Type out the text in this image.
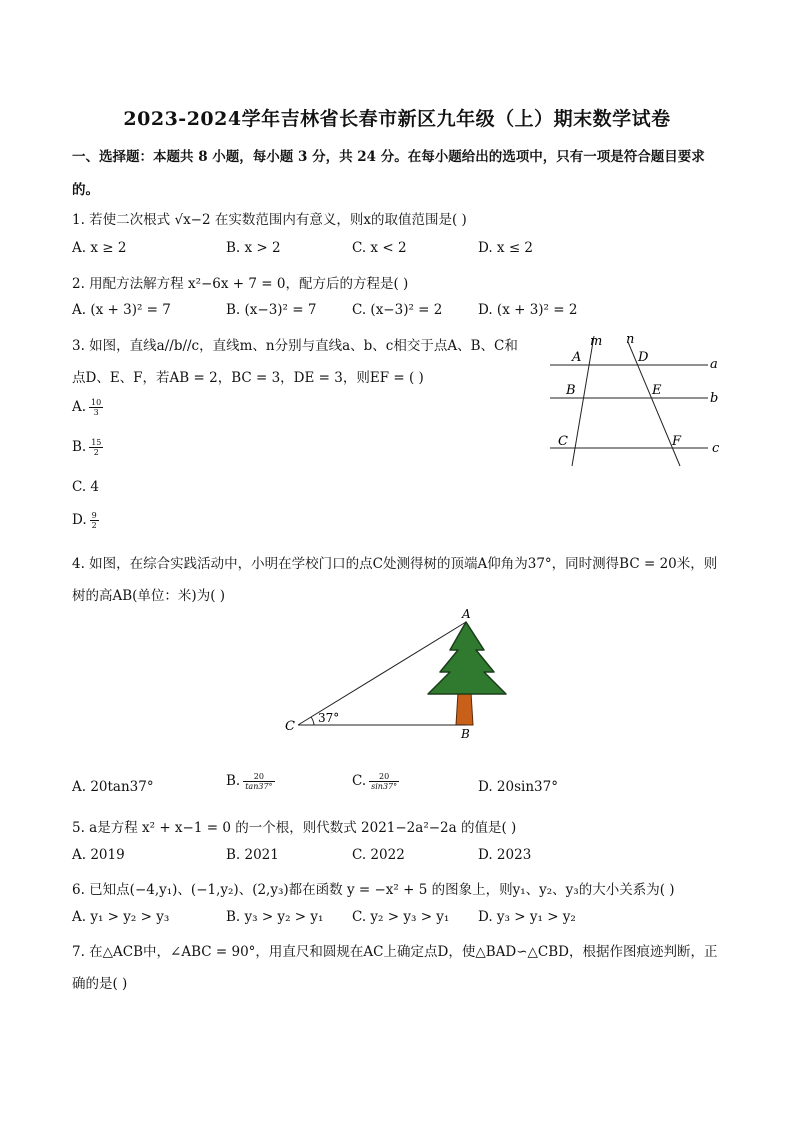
2023-2024学年吉林省长春市新区九年级（上）期末数学试卷
一、选择题：本题共 8 小题，每小题 3 分，共 24 分。在每小题给出的选项中，只有一项是符合题目要求
的。
1. 若使二次根式 √x−2 在实数范围内有意义，则x的取值范围是( )
A. x ≥ 2	B. x > 2	C. x < 2	D. x ≤ 2
2. 用配方法解方程 x²−6x + 7 = 0，配方后的方程是( )
A. (x + 3)² = 7	B. (x−3)² = 7	C. (x−3)² = 2	D. (x + 3)² = 2
3. 如图，直线a//b//c，直线m、n分别与直线a、b、c相交于点A、B、C和
点D、E、F，若AB = 2，BC = 3，DE = 3，则EF = ( )
A. $\frac{10}{3}$
B. $\frac{15}{2}$
C. 4
D. $\frac{9}{2}$
m n
A	D	a
B	E
b
C	F c
4. 如图，在综合实践活动中，小明在学校门口的点C处测得树的顶端A仰角为37°，同时测得BC = 20米，则
树的高AB(单位：米)为( )
A
B
C
37°
A. 20tan37°	B. $\frac{20}{\tan 37^\circ}$	C. $\frac{20}{\sin 37^\circ}$	D. 20sin37°
5. a是方程 x² + x−1 = 0 的一个根，则代数式 2021−2a²−2a 的值是( )
A. 2019	B. 2021	C. 2022	D. 2023
6. 已知点(−4,y₁)、(−1,y₂)、(2,y₃)都在函数 y = −x² + 5 的图象上，则y₁、y₂、y₃的大小关系为( )
A. y₁ > y₂ > y₃	B. y₃ > y₂ > y₁ C. y₂ > y₃ > y₁ D. y₃ > y₁ > y₂
7. 在△ACB中，∠ABC = 90°，用直尺和圆规在AC上确定点D，使△BAD∽△CBD，根据作图痕迹判断，正
确的是( )
